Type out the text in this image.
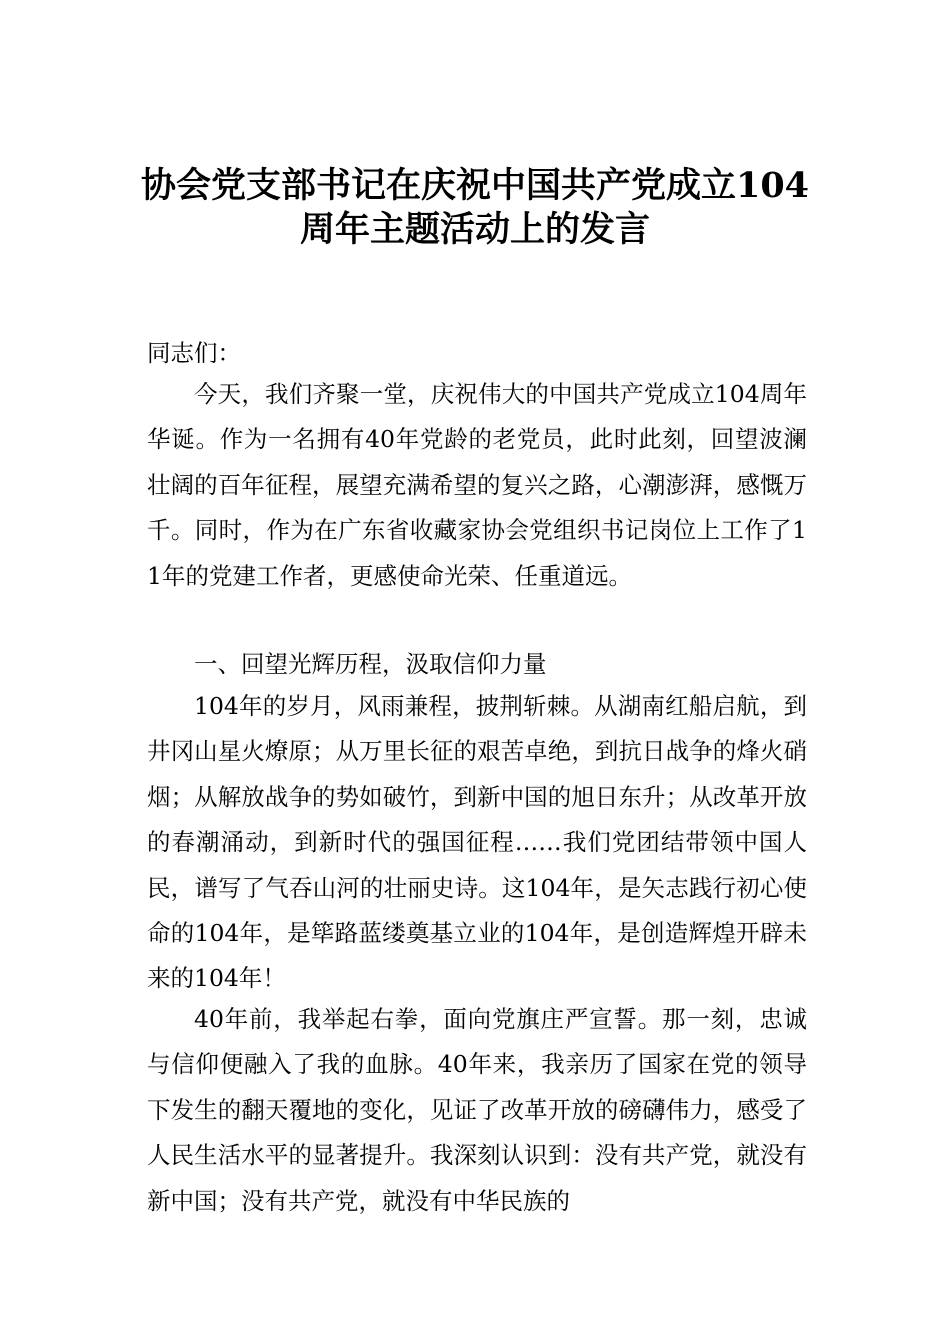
协会党支部书记在庆祝中国共产党成立104
周年主题活动上的发言
同志们：
今天，我们齐聚一堂，庆祝伟大的中国共产党成立104周年华诞。作为一名拥有40年党龄的老党员，此时此刻，回望波澜壮阔的百年征程，展望充满希望的复兴之路，心潮澎湃，感慨万千。同时，作为在广东省收藏家协会党组织书记岗位上工作了11年的党建工作者，更感使命光荣、任重道远。
一、回望光辉历程，汲取信仰力量
104年的岁月，风雨兼程，披荆斩棘。从湖南红船启航，到井冈山星火燎原；从万里长征的艰苦卓绝，到抗日战争的烽火硝烟；从解放战争的势如破竹，到新中国的旭日东升；从改革开放的春潮涌动，到新时代的强国征程……我们党团结带领中国人民，谱写了气吞山河的壮丽史诗。这104年，是矢志践行初心使命的104年，是筚路蓝缕奠基立业的104年，是创造辉煌开辟未来的104年！
40年前，我举起右拳，面向党旗庄严宣誓。那一刻，忠诚与信仰便融入了我的血脉。40年来，我亲历了国家在党的领导下发生的翻天覆地的变化，见证了改革开放的磅礴伟力，感受了人民生活水平的显著提升。我深刻认识到：没有共产党，就没有新中国；没有共产党，就没有中华民族的
